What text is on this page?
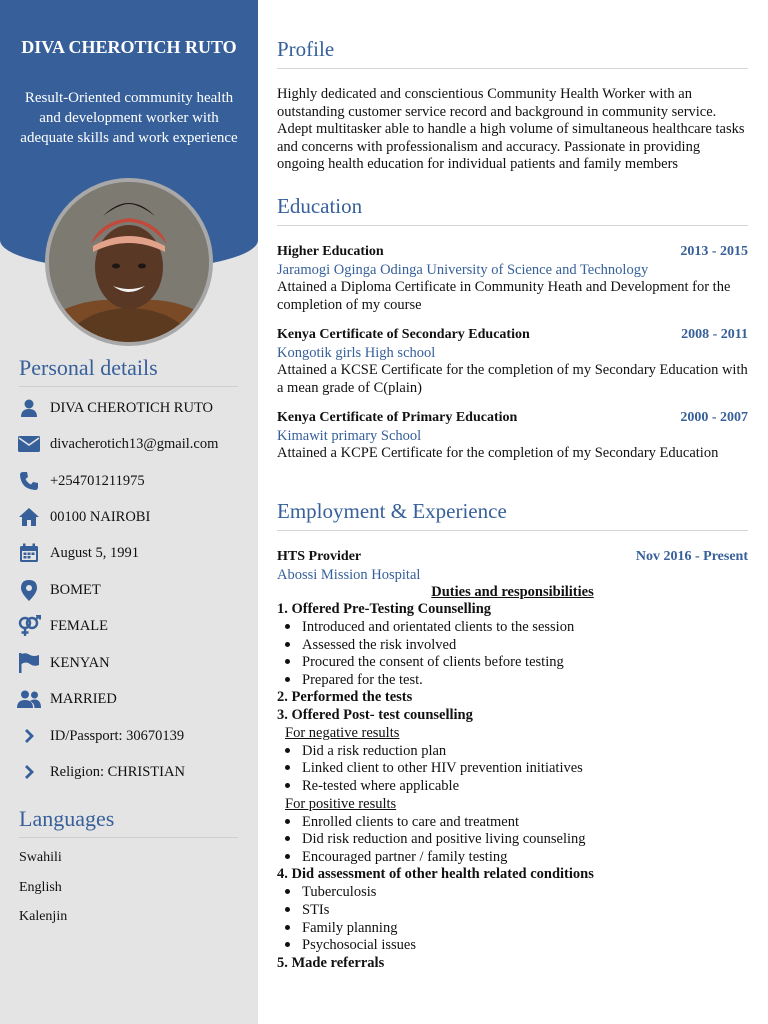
DIVA CHEROTICH RUTO
Result-Oriented community health and development worker with adequate skills and work experience
Personal details
DIVA CHEROTICH RUTO
divacherotich13@gmail.com
+254701211975
00100 NAIROBI
August 5, 1991
BOMET
FEMALE
KENYAN
MARRIED
ID/Passport: 30670139
Religion: CHRISTIAN
Languages
Swahili
English
Kalenjin
Profile
Highly dedicated and conscientious Community Health Worker with an outstanding customer service record and background in community service. Adept multitasker able to handle a high volume of simultaneous healthcare tasks and concerns with professionalism and accuracy. Passionate in providing ongoing health education for individual patients and family members
Education
Higher Education	2013 - 2015
Jaramogi Oginga Odinga University of Science and Technology
Attained a Diploma Certificate in Community Heath and Development for the completion of my course
Kenya Certificate of Secondary Education	2008 - 2011
Kongotik girls High school
Attained a KCSE Certificate for the completion of my Secondary Education with a mean grade of C(plain)
Kenya Certificate of Primary Education	2000 - 2007
Kimawit primary School
Attained a KCPE Certificate for the completion of my Secondary Education
Employment & Experience
HTS Provider	Nov 2016 - Present
Abossi Mission Hospital
Duties and responsibilities
1. Offered Pre-Testing Counselling
Introduced and orientated clients to the session
Assessed the risk involved
Procured the consent of clients before testing
Prepared for the test.
2. Performed the tests
3. Offered Post- test counselling
For negative results
Did a risk reduction plan
Linked client to other HIV prevention initiatives
Re-tested where applicable
For positive results
Enrolled clients to care and treatment
Did risk reduction and positive living counseling
Encouraged partner / family testing
4. Did assessment of other health related conditions
Tuberculosis
STIs
Family planning
Psychosocial issues
5. Made referrals
